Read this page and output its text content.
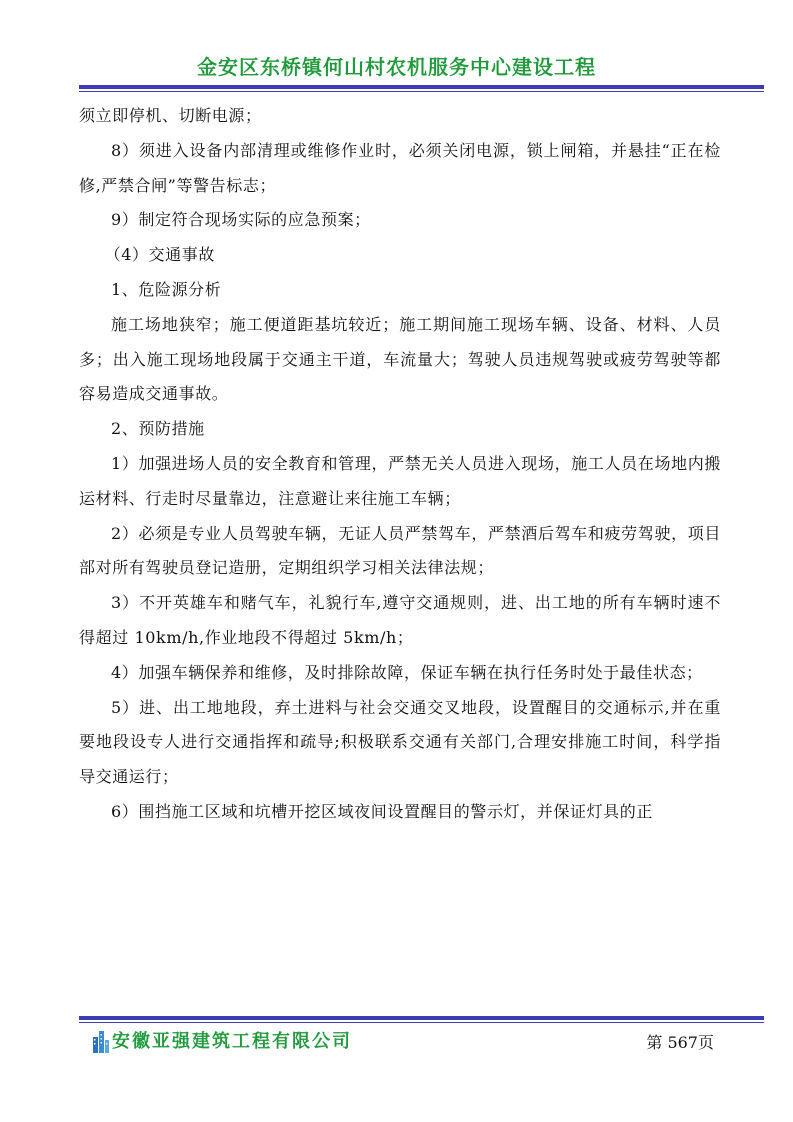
金安区东桥镇何山村农机服务中心建设工程

须立即停机、切断电源；

8）须进入设备内部清理或维修作业时，必须关闭电源，锁上闸箱，并悬挂“正在检修,严禁合闸”等警告标志；

9）制定符合现场实际的应急预案；

（4）交通事故

1、危险源分析

施工场地狭窄；施工便道距基坑较近；施工期间施工现场车辆、设备、材料、人员多；出入施工现场地段属于交通主干道，车流量大；驾驶人员违规驾驶或疲劳驾驶等都容易造成交通事故。

2、预防措施

1）加强进场人员的安全教育和管理，严禁无关人员进入现场，施工人员在场地内搬运材料、行走时尽量靠边，注意避让来往施工车辆；

2）必须是专业人员驾驶车辆，无证人员严禁驾车，严禁酒后驾车和疲劳驾驶，项目部对所有驾驶员登记造册，定期组织学习相关法律法规；

3）不开英雄车和赌气车，礼貌行车,遵守交通规则，进、出工地的所有车辆时速不得超过 10km/h,作业地段不得超过 5km/h；

4）加强车辆保养和维修，及时排除故障，保证车辆在执行任务时处于最佳状态；

5）进、出工地地段，弃土进料与社会交通交叉地段，设置醒目的交通标示,并在重要地段设专人进行交通指挥和疏导;积极联系交通有关部门,合理安排施工时间，科学指导交通运行；

6）围挡施工区域和坑槽开挖区域夜间设置醒目的警示灯，并保证灯具的正

安徽亚强建筑工程有限公司	第 567页
